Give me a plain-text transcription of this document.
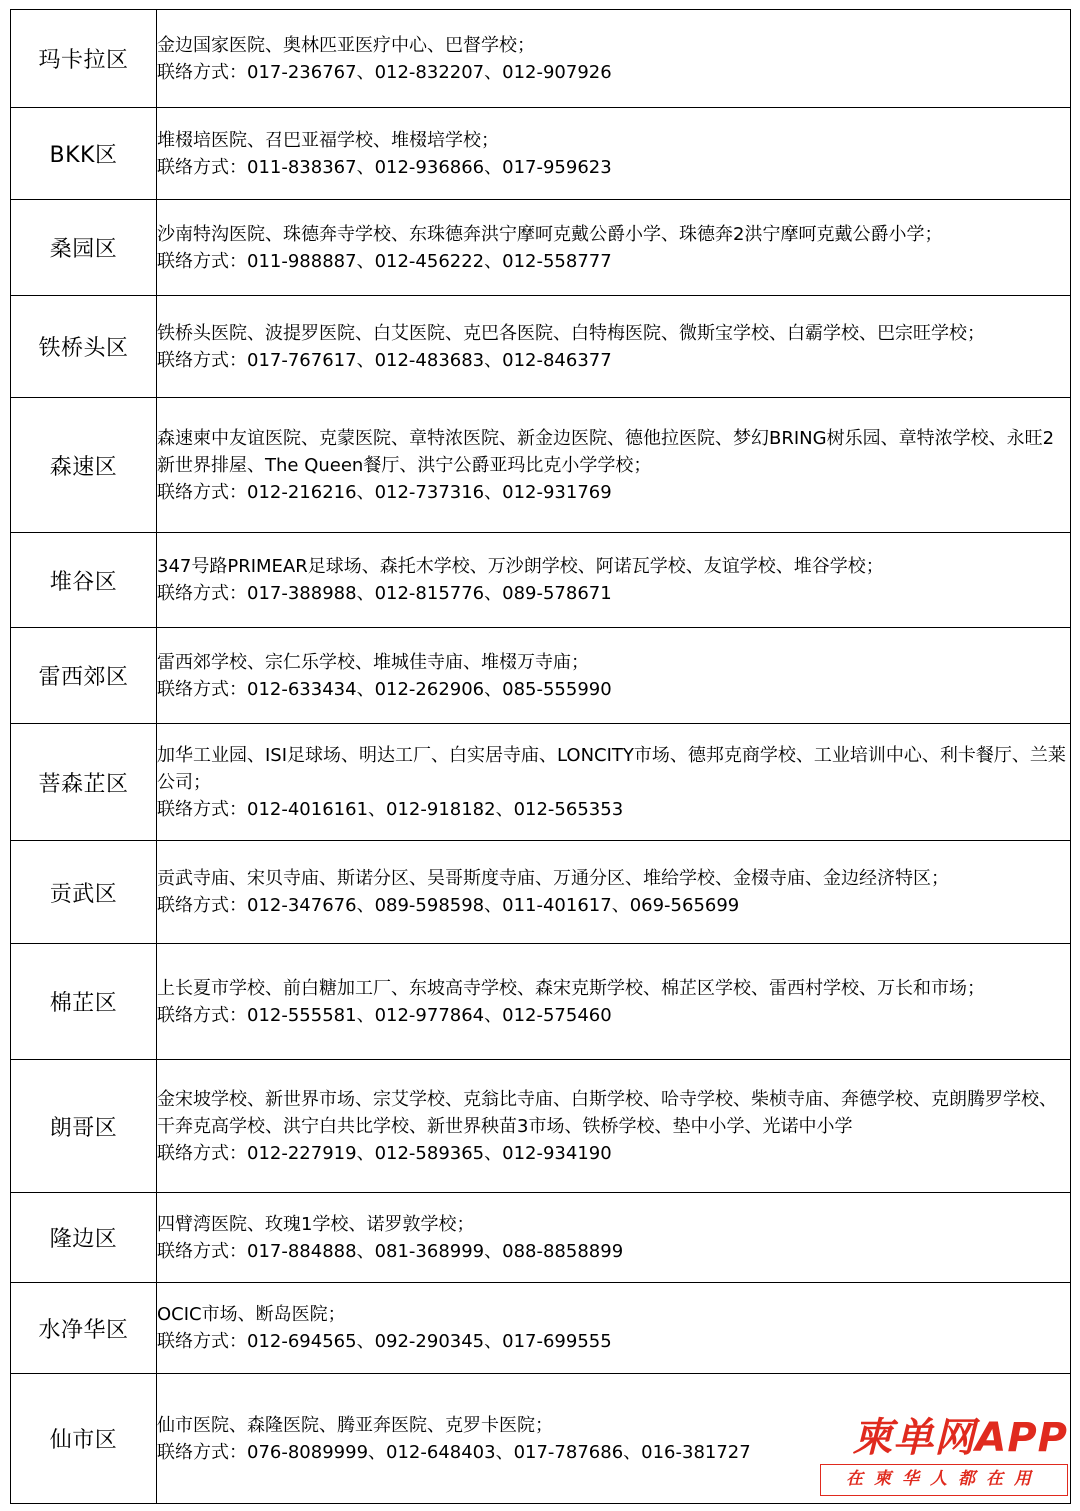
玛卡拉区	金边国家医院、奥林匹亚医疗中心、巴督学校；
联络方式：017-236767、012-832207、012-907926

BKK区	堆棳培医院、召巴亚福学校、堆棳培学校；
联络方式：011-838367、012-936866、017-959623

桑园区	沙南特沟医院、珠德奔寺学校、东珠德奔洪宁摩呵克戴公爵小学、珠德奔2洪宁摩呵克戴公爵小学；
联络方式：011-988887、012-456222、012-558777

铁桥头区	铁桥头医院、波提罗医院、白艾医院、克巴各医院、白特梅医院、微斯宝学校、白霸学校、巴宗旺学校；
联络方式：017-767617、012-483683、012-846377

森速区	森速柬中友谊医院、克蒙医院、章特浓医院、新金边医院、德他拉医院、梦幻BRING树乐园、章特浓学校、永旺2新世界排屋、The Queen餐厅、洪宁公爵亚玛比克小学学校；
联络方式：012-216216、012-737316、012-931769

堆谷区	347号路PRIMEAR足球场、森托木学校、万沙朗学校、阿诺瓦学校、友谊学校、堆谷学校；
联络方式：017-388988、012-815776、089-578671

雷西郊区	雷西郊学校、宗仁乐学校、堆城佳寺庙、堆棳万寺庙；
联络方式：012-633434、012-262906、085-555990

菩森芷区	加华工业园、ISI足球场、明达工厂、白实居寺庙、LONCITY市场、德邦克商学校、工业培训中心、利卡餐厅、兰莱公司；
联络方式：012-4016161、012-918182、012-565353

贡武区	贡武寺庙、宋贝寺庙、斯诺分区、吴哥斯度寺庙、万通分区、堆给学校、金棳寺庙、金边经济特区；
联络方式：012-347676、089-598598、011-401617、069-565699

棉芷区	上长夏市学校、前白糖加工厂、东坡高寺学校、森宋克斯学校、棉芷区学校、雷西村学校、万长和市场；
联络方式：012-555581、012-977864、012-575460

朗哥区	金宋坡学校、新世界市场、宗艾学校、克翁比寺庙、白斯学校、哈寺学校、柴桢寺庙、奔德学校、克朗腾罗学校、干奔克高学校、洪宁白共比学校、新世界秧苗3市场、铁桥学校、垫中小学、光诺中小学
联络方式：012-227919、012-589365、012-934190

隆边区	四臂湾医院、玫瑰1学校、诺罗敦学校；
联络方式：017-884888、081-368999、088-8858899

水净华区	OCIC市场、断岛医院；
联络方式：012-694565、092-290345、017-699555

仙市区	仙市医院、森隆医院、腾亚奔医院、克罗卡医院；
联络方式：076-8089999、012-648403、017-787686、016-381727	柬单网APP
在柬华人都在用
